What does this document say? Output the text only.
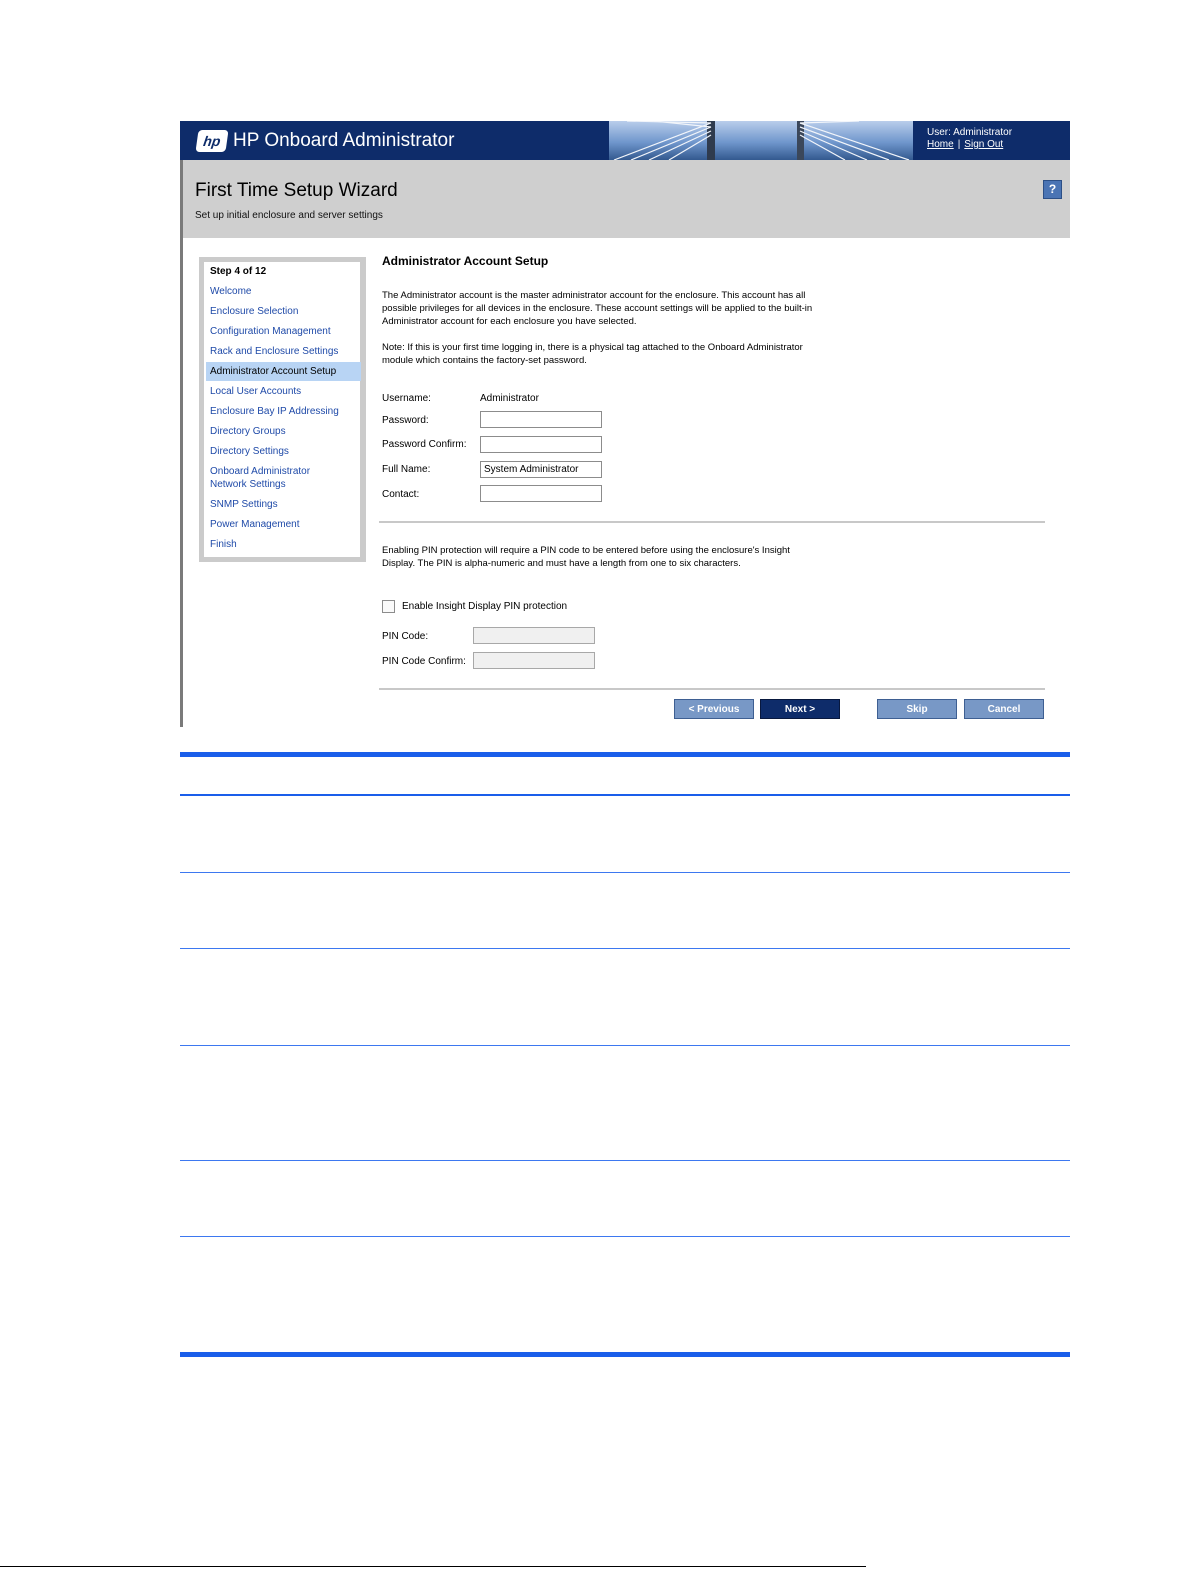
hp HP Onboard Administrator	User: Administrator
Home | Sign Out
First Time Setup Wizard
Set up initial enclosure and server settings
?
Step 4 of 12
Welcome
Enclosure Selection
Configuration Management
Rack and Enclosure Settings
Administrator Account Setup
Local User Accounts
Enclosure Bay IP Addressing
Directory Groups
Directory Settings
Onboard Administrator
Network Settings
SNMP Settings
Power Management
Finish
Administrator Account Setup
The Administrator account is the master administrator account for the enclosure. This account has all
possible privileges for all devices in the enclosure. These account settings will be applied to the built-in
Administrator account for each enclosure you have selected.
Note: If this is your first time logging in, there is a physical tag attached to the Onboard Administrator
module which contains the factory-set password.
Username:	Administrator
Password:
Password Confirm:
Full Name:
System Administrator
Contact:
Enabling PIN protection will require a PIN code to be entered before using the enclosure's Insight
Display. The PIN is alpha-numeric and must have a length from one to six characters.
Enable Insight Display PIN protection
PIN Code:
PIN Code Confirm:
< Previous	Next >	Skip	Cancel
